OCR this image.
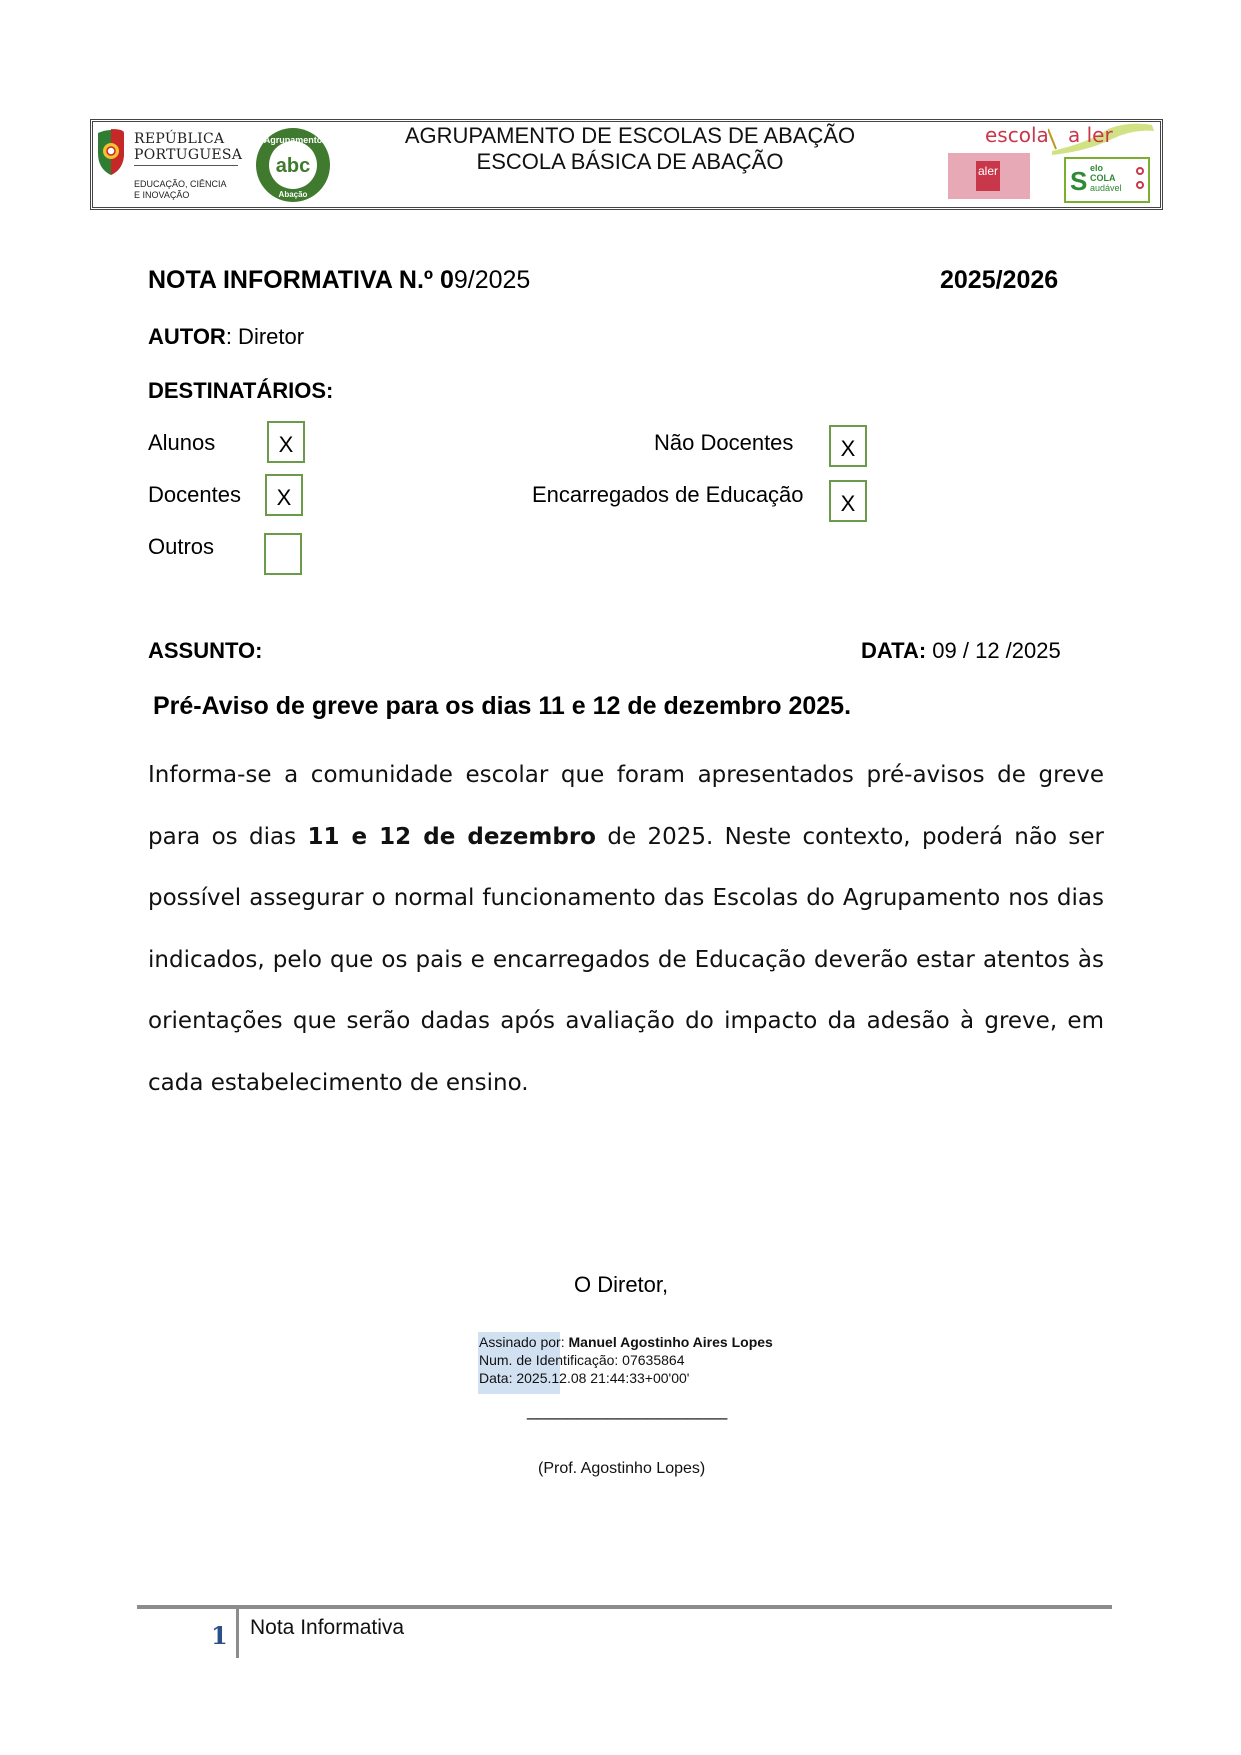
REPÚBLICA
PORTUGUESA
EDUCAÇÃO, CIÊNCIA
E INOVAÇÃO
Agrupamento
Abação
abc
AGRUPAMENTO DE ESCOLAS DE ABAÇÃO
ESCOLA BÁSICA DE ABAÇÃO
escola a ler
aler	S elo
COLA
audável
NOTA INFORMATIVA N.º 09/2025	2025/2026
AUTOR: Diretor
DESTINATÁRIOS:
Alunos	X
Docentes	X
Outros
Não Docentes	X
Encarregados de Educação	X
ASSUNTO:	DATA: 09 / 12 /2025
Pré-Aviso de greve para os dias 11 e 12 de dezembro 2025.
Informa-se a comunidade escolar que foram apresentados pré-avisos de greve para os dias 11 e 12 de dezembro de 2025. Neste contexto, poderá não ser possível assegurar o normal funcionamento das Escolas do Agrupamento nos dias indicados, pelo que os pais e encarregados de Educação deverão estar atentos às orientações que serão dadas após avaliação do impacto da adesão à greve, em cada estabelecimento de ensino.
O Diretor,
Assinado por: Manuel Agostinho Aires Lopes
Num. de Identificação: 07635864
Data: 2025.12.08 21:44:33+00'00'
____________________
(Prof. Agostinho Lopes)
1 Nota Informativa
